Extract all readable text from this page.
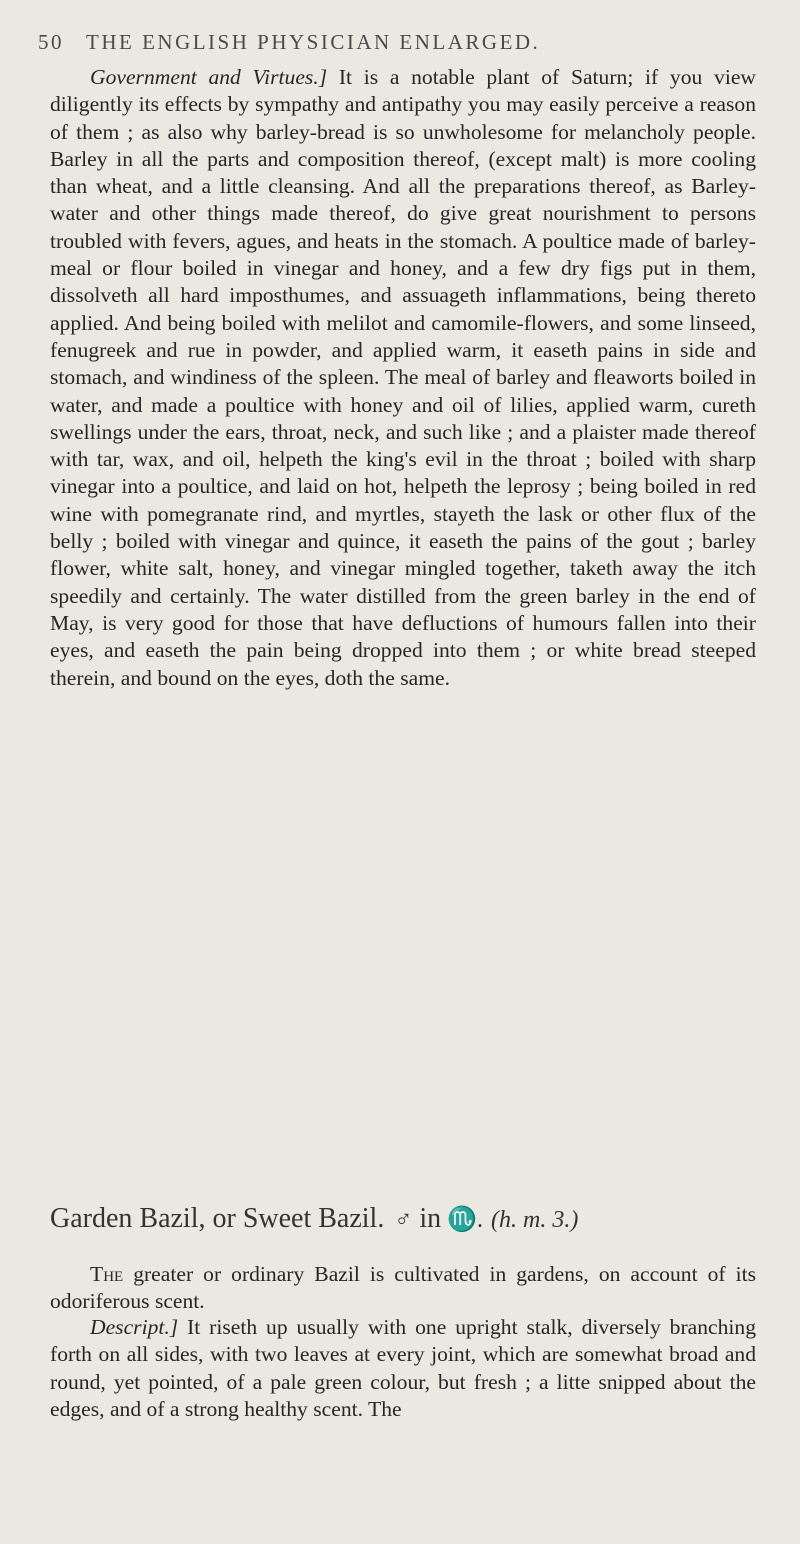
50 THE ENGLISH PHYSICIAN ENLARGED.

Government and Virtues.] It is a notable plant of Saturn; if you view diligently its effects by sympathy and antipathy you may easily perceive a reason of them ; as also why barley-bread is so unwholesome for melancholy people. Barley in all the parts and composition thereof, (except malt) is more cooling than wheat, and a little cleansing. And all the preparations thereof, as Barley-water and other things made thereof, do give great nourishment to persons troubled with fevers, agues, and heats in the stomach. A poultice made of barley-meal or flour boiled in vinegar and honey, and a few dry figs put in them, dissolveth all hard imposthumes, and assuageth inflammations, being thereto applied. And being boiled with melilot and camomile-flowers, and some linseed, fenugreek and rue in powder, and applied warm, it easeth pains in side and stomach, and windiness of the spleen. The meal of barley and fleaworts boiled in water, and made a poultice with honey and oil of lilies, applied warm, cureth swellings under the ears, throat, neck, and such like ; and a plaister made thereof with tar, wax, and oil, helpeth the king's evil in the throat ; boiled with sharp vinegar into a poultice, and laid on hot, helpeth the leprosy ; being boiled in red wine with pomegranate rind, and myrtles, stayeth the lask or other flux of the belly ; boiled with vinegar and quince, it easeth the pains of the gout ; barley flower, white salt, honey, and vinegar mingled together, taketh away the itch speedily and certainly. The water distilled from the green barley in the end of May, is very good for those that have defluctions of humours fallen into their eyes, and easeth the pain being dropped into them ; or white bread steeped therein, and bound on the eyes, doth the same.

Garden Bazil, or Sweet Bazil. ♂ in ♏. (h. m. 3.)

The greater or ordinary Bazil is cultivated in gardens, on account of its odoriferous scent.

Descript.] It riseth up usually with one upright stalk, diversely branching forth on all sides, with two leaves at every joint, which are somewhat broad and round, yet pointed, of a pale green colour, but fresh ; a litte snipped about the edges, and of a strong healthy scent. The
